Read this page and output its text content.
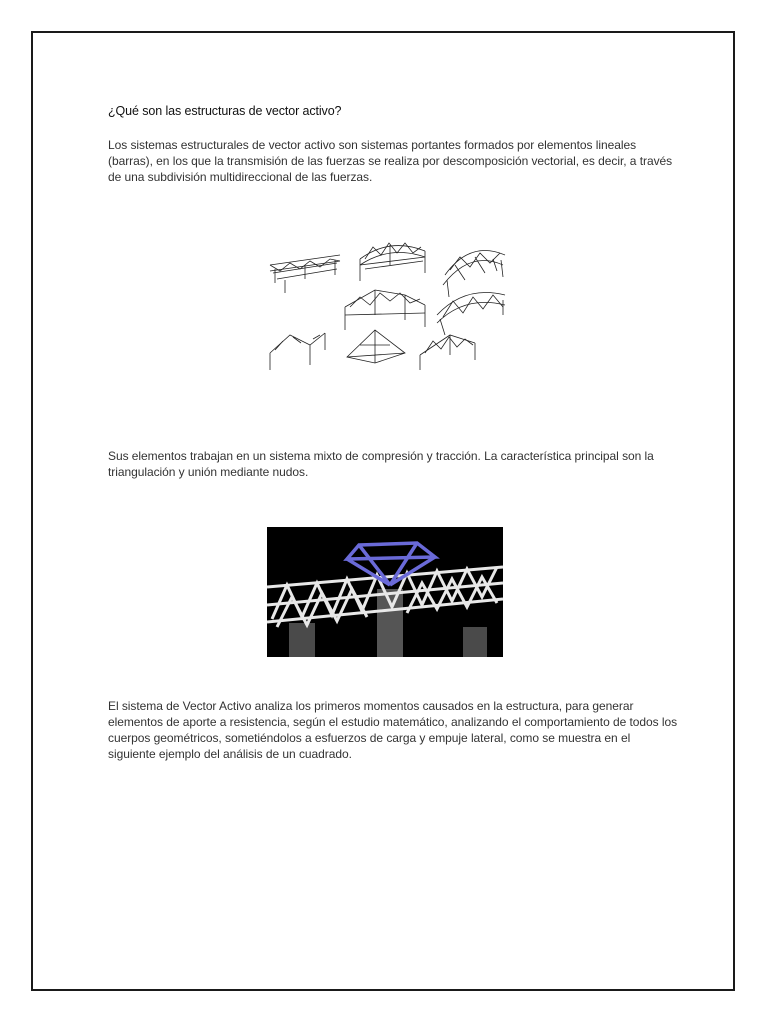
¿Qué son las estructuras de vector activo?
Los sistemas estructurales de vector activo son sistemas portantes formados por elementos lineales (barras), en los que la transmisión de las fuerzas se realiza por descomposición vectorial, es decir, a través de una subdivisión multidireccional de las fuerzas.
Sus elementos trabajan en un sistema mixto de compresión y tracción. La característica principal son la triangulación y unión mediante nudos.
El sistema de Vector Activo analiza los primeros momentos causados en la estructura, para generar elementos de aporte a resistencia, según el estudio matemático, analizando el comportamiento de todos los cuerpos geométricos, sometiéndolos a esfuerzos de carga y empuje lateral, como se muestra en el siguiente ejemplo del análisis de un cuadrado.
